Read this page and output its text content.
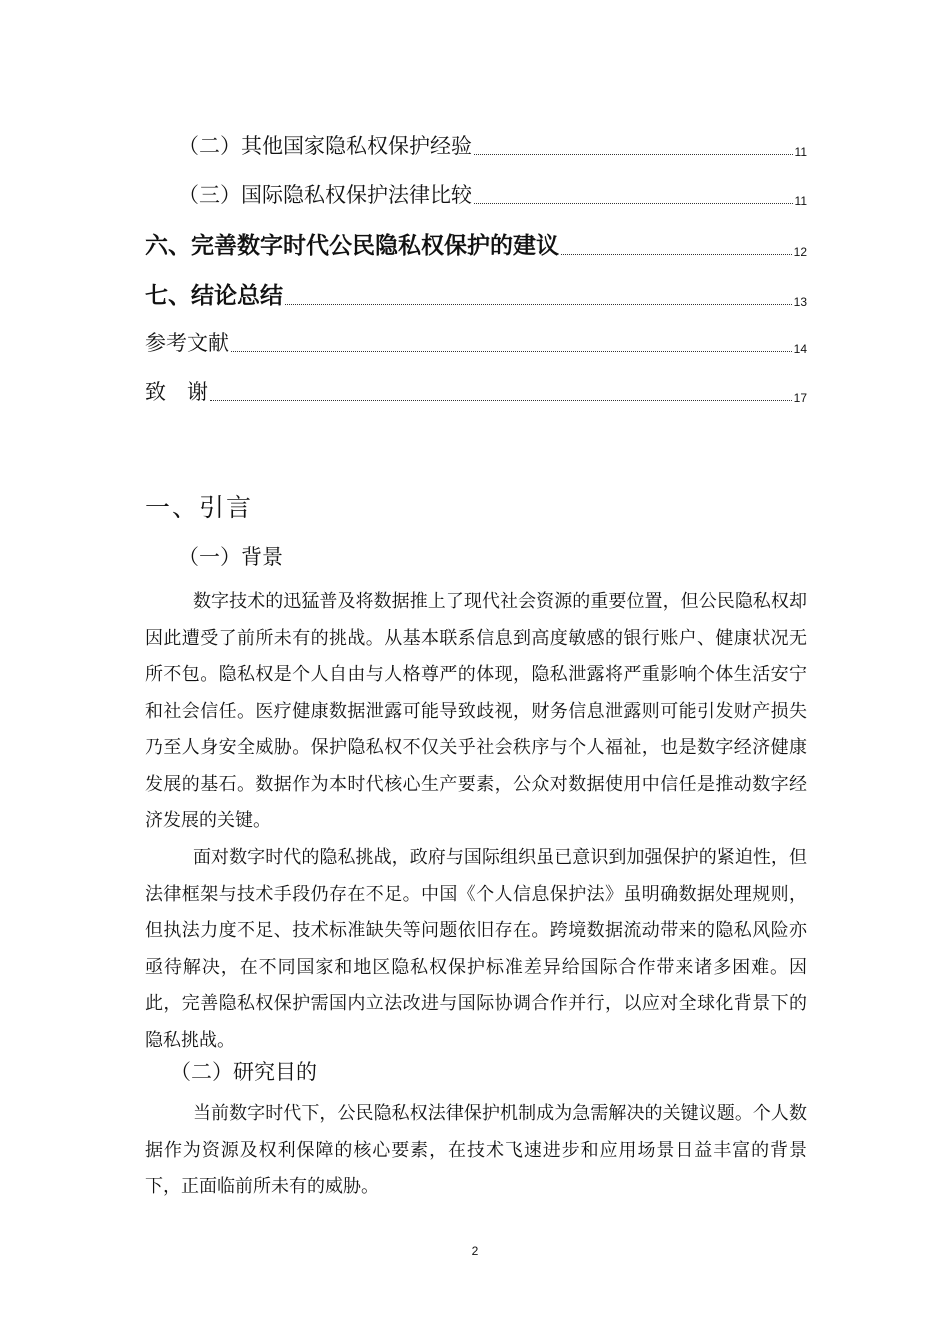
（二）其他国家隐私权保护经验	11
（三）国际隐私权保护法律比较	11
六、完善数字时代公民隐私权保护的建议	12
七、结论总结	13
参考文献	14
致　谢	17
一、引言
（一）背景

数字技术的迅猛普及将数据推上了现代社会资源的重要位置，但公民隐私权却因此遭受了前所未有的挑战。从基本联系信息到高度敏感的银行账户、健康状况无所不包。隐私权是个人自由与人格尊严的体现，隐私泄露将严重影响个体生活安宁和社会信任。医疗健康数据泄露可能导致歧视，财务信息泄露则可能引发财产损失乃至人身安全威胁。保护隐私权不仅关乎社会秩序与个人福祉，也是数字经济健康发展的基石。数据作为本时代核心生产要素，公众对数据使用中信任是推动数字经济发展的关键。

面对数字时代的隐私挑战，政府与国际组织虽已意识到加强保护的紧迫性，但法律框架与技术手段仍存在不足。中国《个人信息保护法》虽明确数据处理规则，但执法力度不足、技术标准缺失等问题依旧存在。跨境数据流动带来的隐私风险亦亟待解决，在不同国家和地区隐私权保护标准差异给国际合作带来诸多困难。因此，完善隐私权保护需国内立法改进与国际协调合作并行，以应对全球化背景下的隐私挑战。

（二）研究目的

当前数字时代下，公民隐私权法律保护机制成为急需解决的关键议题。个人数据作为资源及权利保障的核心要素，在技术飞速进步和应用场景日益丰富的背景下，正面临前所未有的威胁。

2
